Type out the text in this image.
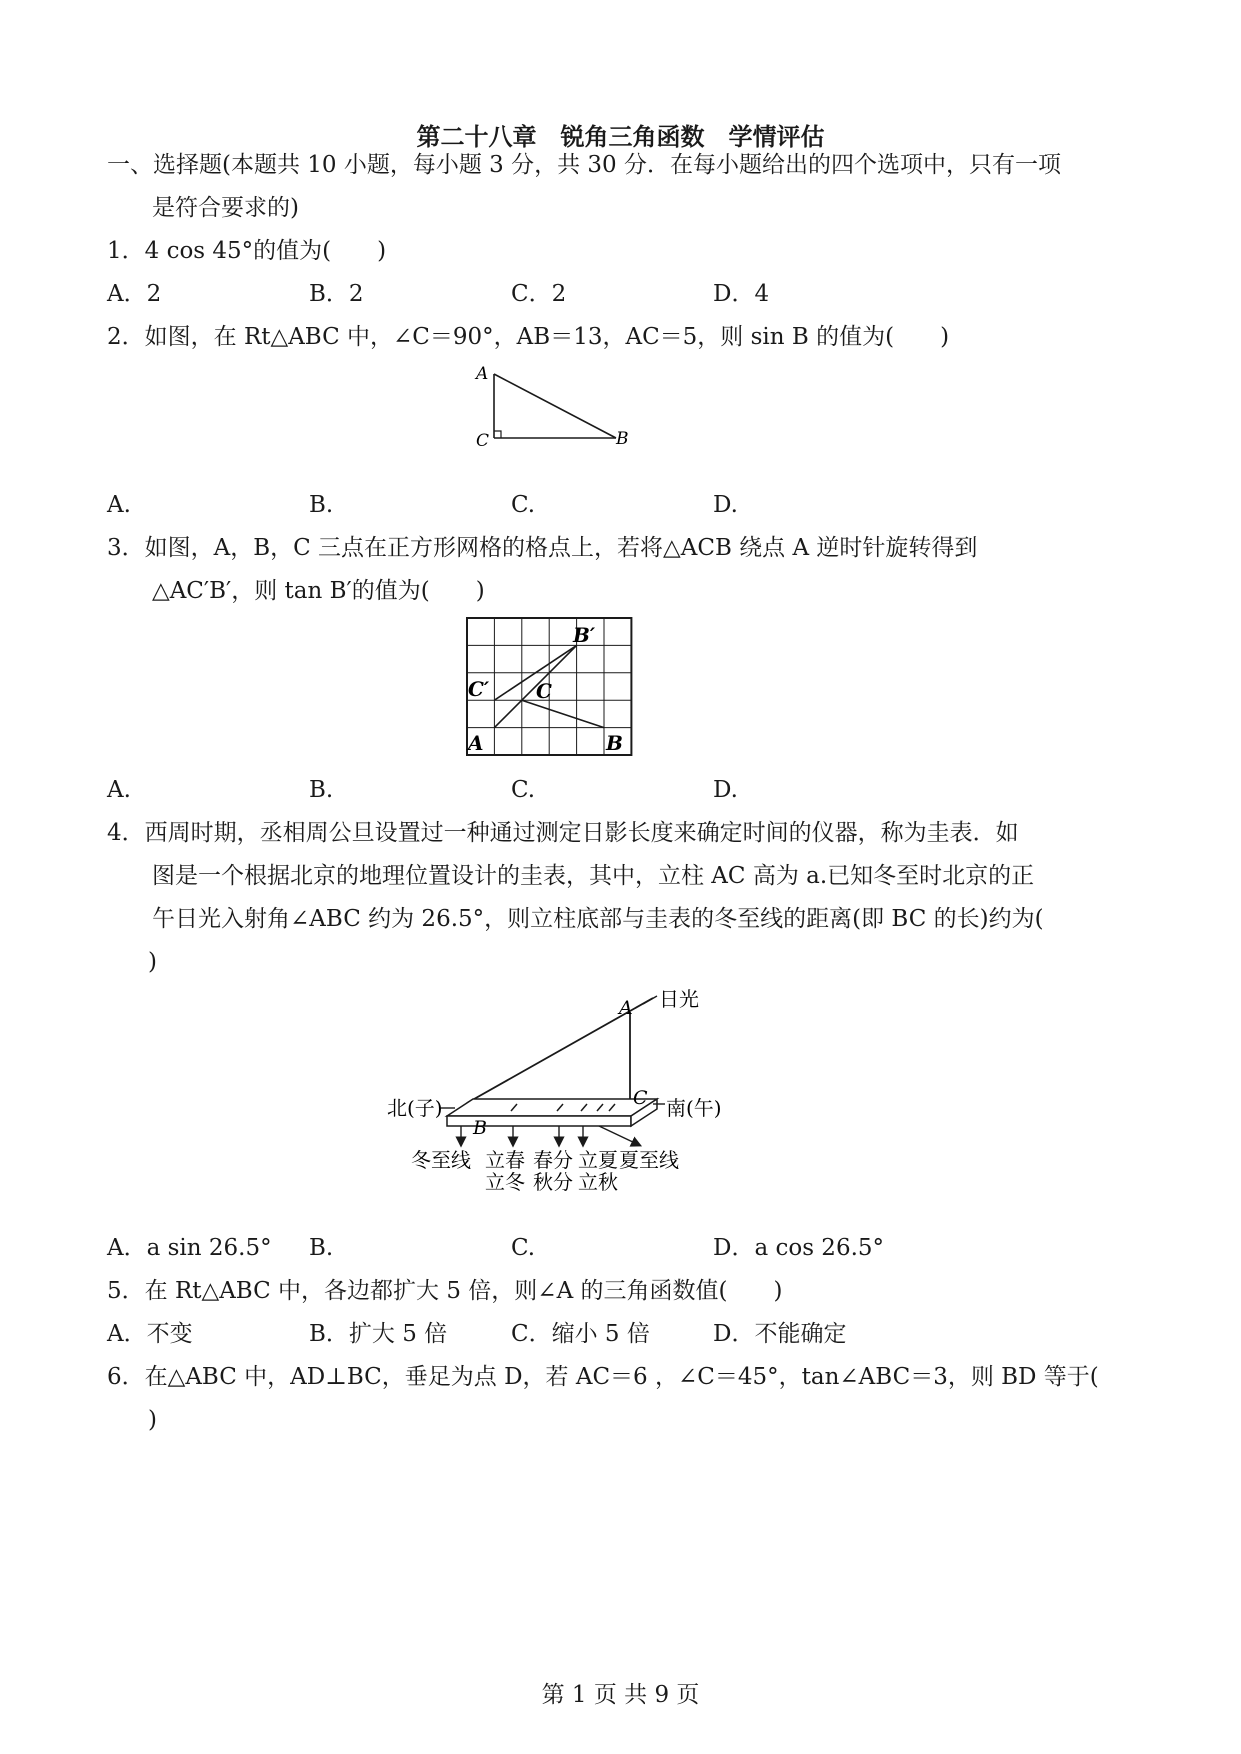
第二十八章　锐角三角函数　学情评估
一、选择题(本题共 10 小题，每小题 3 分，共 30 分．在每小题给出的四个选项中，只有一项
是符合要求的)
1．4 cos 45°的值为(　　)
A．2	B．2	C．2	D．4
2．如图，在 Rt△ABC 中，∠C＝90°，AB＝13，AC＝5，则 sin B 的值为(　　)
A
C	B
A.	B.	C.	D.
3．如图，A，B，C 三点在正方形网格的格点上，若将△ACB 绕点 A 逆时针旋转得到
△AC′B′，则 tan B′的值为(　　)
A	B
C
C′
B′
A.	B.	C.	D.
4．西周时期，丞相周公旦设置过一种通过测定日影长度来确定时间的仪器，称为圭表．如
图是一个根据北京的地理位置设计的圭表，其中，立柱 AC 高为 a.已知冬至时北京的正
午日光入射角∠ABC 约为 26.5°，则立柱底部与圭表的冬至线的距离(即 BC 的长)约为(
)
A
C
B
日光
北(子)	南(午)
冬至线 立春 春分 立夏 夏至线
立冬 秋分 立秋
A．a sin 26.5° B.	C.	D．a cos 26.5°
5．在 Rt△ABC 中，各边都扩大 5 倍，则∠A 的三角函数值(　　)
A．不变	B．扩大 5 倍	C．缩小 5 倍	D．不能确定
6．在△ABC 中，AD⊥BC，垂足为点 D，若 AC＝6 ，∠C＝45°，tan∠ABC＝3，则 BD 等于(
)
第 1 页 共 9 页
